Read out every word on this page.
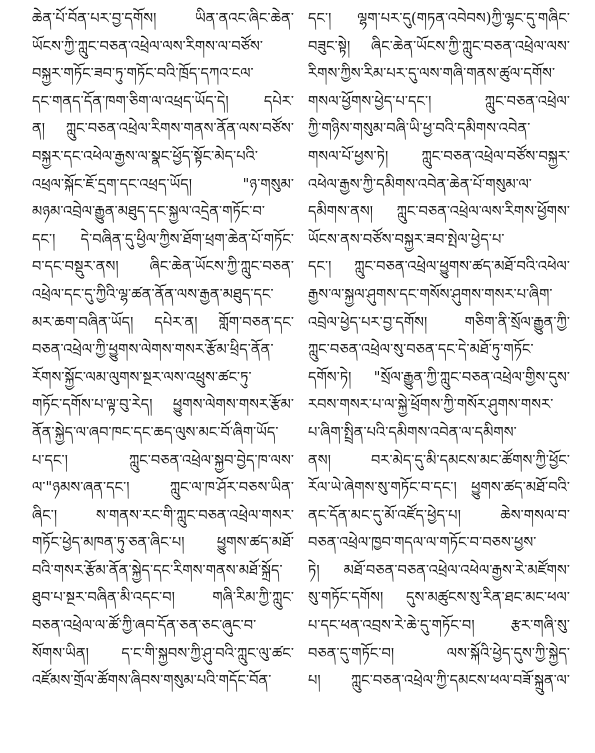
ཆེན་པོ་བོན་པར་བྱ་དགོས། ཡིན་ནའང་ཞིང་ཆེན་
ཡོངས་ཀྱི་ཀླུང་བཅན་འཕྲེལ་ལས་རིགས་ལ་བཙོས་
བསྐྱར་གཏོང་ཟབ་ཏུ་གཏོང་བའི་ཁྲོད་དཀའ་ངལ་
དང་གནད་དོན་ཁག་ཅིག་ལ་འཕྲད་ཡོད་དེ། དཔེར་
ན། ཀླུང་བཅན་འཕྲེལ་རིགས་གནས་ནོན་ལས་བཙོས་
བསྐྱར་དང་འཕེལ་རྒྱས་ལ་སྣང་ཕྱོད་སྟོང་མེད་པའི་
འཕྲལ་སྐོང་ཇོ་དྲག་དང་འཕྲད་ཡོད། "ཉ་གསུམ་
མཉམ་འབྲེལ་རྒྱུན་མཐུད་དང་སྐྱལ་འདྲེན་གཏོང་བ་
དང་། དེ་བཞིན་དུ་ཕྱིལ་ཀྱིས་ཐོག་ཕྲག་ཆེན་པོ་གཏོང་
བ་དང་བསྡུར་ནས། ཞིང་ཆེན་ཡོངས་ཀྱི་ཀླུང་བཅན་
འཕྲེལ་དང་དུ་ཀྱིའི་ལྷ་ཚན་ནོན་ལས་རྒྱན་མཐུད་དང་
མར་ཆག་བཞིན་ཡོད། དཔེར་ན། གློག་བཅན་དང་
བཅན་འཕྲེལ་ཀྱི་ཕྱུགས་ལེགས་གསར་རྩོམ་ཕྲིད་ནོན་
རོགས་སྐྱོང་ལམ་ལུགས་སྔར་ལས་འཕྲུས་ཚང་ཏུ་
གཏོང་དགོས་པ་ལྟ་བུ་རེད། ཕྱུགས་ལེགས་གསར་རྩོམ་
ནོན་སྐྱེད་ལ་ཞབ་ཁང་དང་ཆད་ལུས་མང་བོ་ཞིག་ཡོད་
པ་དང་། ཀླུང་བཅན་འཕྲེལ་སྐྱབ་བྱེད་ཁ་ལས་
ལ་"ཉམས་ཞན་དང་། ཀླུང་ལ་ཁ་ཤོར་བཅས་ཡིན་
ཞིང་། ས་གནས་རང་གི་ཀླུང་བཅན་འཕྲེལ་གསར་
གཏོང་ཕྱེད་མཁན་ཏུ་ཅན་ཞིང་པ། ཕྱུགས་ཚད་མཐོ་
བའི་གསར་རྩོམ་ནོན་སྐྱེད་དང་རིགས་གནས་མཐོ་སྐྲོད་
ཐུབ་པ་སྔར་བཞིན་མི་འདང་བ། གཞི་རིམ་ཀྱི་ཀླུང་
བཅན་འཕྲེལ་ལ་ཚོ་ཀྱི་ཞབ་དོན་ཅན་ཅང་ཞུང་བ་
སོགས་ཡིན། ད་ང་གི་སྐྱབས་ཀྱི་ཤུ་བའི་ཀླུང་ལུ་ཚང་
འཛོམས་གྲོལ་ཚོགས་ཞིབས་གསུམ་པའི་གདོང་བོན་
དང་། ལྷག་པར་དུ(གཏན་འབེབས)ཀྱི་ལྷང་དུ་གཞིང་
བཟུང་སྟེ། ཞིང་ཆེན་ཡོངས་ཀྱི་ཀླུང་བཅན་འཕྲེལ་ལས་
རིགས་ཀྱིས་རིམ་པར་དུ་ལས་གཞི་གནས་ཚུལ་དགོས་
གསལ་ཕྱོགས་ཕྱེད་པ་དང་། ཀླུང་བཅན་འཕྲེལ་
ཀྱི་གཉིས་གསུམ་བཞི་ཡི་ཕྱ་བའི་དམིགས་འབེན་
གསལ་པོ་ཕྱས་ཏེ། ཀླུང་བཅན་འཕྲེལ་བཙོས་བསྐྱར་
འཕེལ་རྒྱས་ཀྱི་དམིགས་འབེན་ཆེན་པོ་གསུམ་ལ་
དམིགས་ནས། ཀླུང་བཅན་འཕྲེལ་ལས་རིགས་ཕྱོགས་
ཡོངས་ནས་བཙོས་བསྐྱར་ཟབ་སྤེལ་ཕྱེད་པ་
དང་། ཀླུང་བཅན་འཕྲེལ་ཕྱུགས་ཚད་མཐོ་བའི་འཕེལ་
རྒྱས་ལ་སྐྱལ་ཤུགས་དང་གསོས་ཤུགས་གསར་པ་ཞིག་
འབྲེལ་ཕྱེད་པར་བྱ་དགོས། གཅིག་ནི་སྲོལ་རྒྱུན་ཀྱི་
ཀླུང་བཅན་འཕྲེལ་སུ་བཅན་དང་དེ་མཐོ་ཏུ་གཏོང་
དགོས་ཏེ། "སྲོལ་རྒྱུན་ཀྱི་ཀླུང་བཅན་འཕྲེལ་གྱིས་དུས་
རབས་གསར་པ་ལ་སྐྱེ་ཕྲོགས་ཀྱི་གསོར་ཤུགས་གསར་
པ་ཞིག་སྤྲིན་པའི་དམིགས་འབེན་ལ་དམིགས་
ནས། བར་མེད་དུ་མི་དམངས་མང་ཚོགས་ཀྱི་ཕྱོང་
རོལ་ཡེ་ཞེགས་སུ་གཏོང་བ་དང་། ཕྱུགས་ཚད་མཐོ་བའི་
ནང་དོན་མང་དུ་མོ་འཛོད་ཕྱེད་པ། ཆེས་གསལ་བ་
བཅན་འཕྲེལ་ཁྱབ་གདལ་ལ་གཏོང་བ་བཅས་ཕྱས་
ཏེ། མཐོ་བཅན་བཅན་འཕྲེལ་འཕེལ་རྒྱས་རེ་མཛོགས་
སུ་གཏོང་དགོས། དུས་མཚུངས་སུ་རིན་ཐང་མང་ཕལ་
པ་དང་ཕན་འབྲས་རེ་ཆེ་དུ་གཏོང་བ། རྩར་གཞི་སུ་
བཅན་དུ་གཏོང་བ། ལས་སྐོའི་ཕྱེད་དུས་ཀྱི་སྐྱེད་
པ། ཀླུང་བཅན་འཕྲེལ་ཀྱི་དམངས་ཕལ་བཟོ་སྐྲུན་ལ་
